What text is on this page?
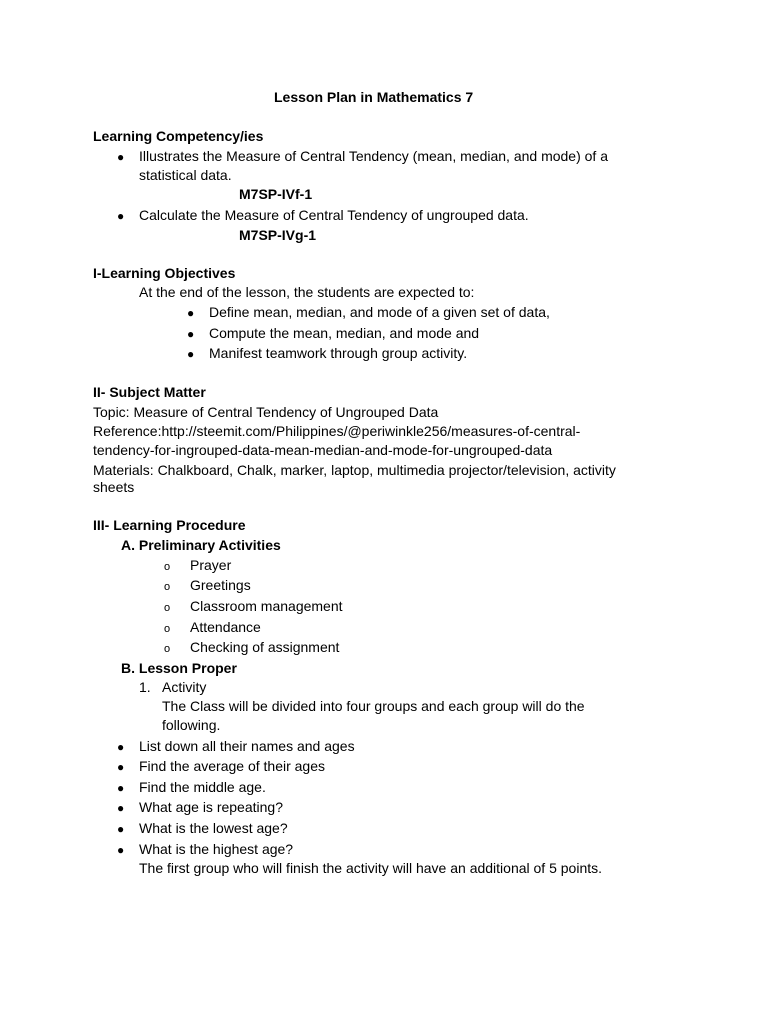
Lesson Plan in Mathematics 7
Learning Competency/ies
● Illustrates the Measure of Central Tendency (mean, median, and mode) of a
statistical data.
M7SP-IVf-1
● Calculate the Measure of Central Tendency of ungrouped data.
M7SP-IVg-1
I-Learning Objectives
At the end of the lesson, the students are expected to:
● Define mean, median, and mode of a given set of data,
● Compute the mean, median, and mode and
● Manifest teamwork through group activity.
II- Subject Matter
Topic: Measure of Central Tendency of Ungrouped Data
Reference:http://steemit.com/Philippines/@periwinkle256/measures-of-central-
tendency-for-ingrouped-data-mean-median-and-mode-for-ungrouped-data
Materials: Chalkboard, Chalk, marker, laptop, multimedia projector/television, activity
sheets
III- Learning Procedure
A. Preliminary Activities
o Prayer
o Greetings
o Classroom management
o Attendance
o Checking of assignment
B. Lesson Proper
1. Activity
The Class will be divided into four groups and each group will do the
following.
● List down all their names and ages
● Find the average of their ages
● Find the middle age.
● What age is repeating?
● What is the lowest age?
● What is the highest age?
The first group who will finish the activity will have an additional of 5 points.
